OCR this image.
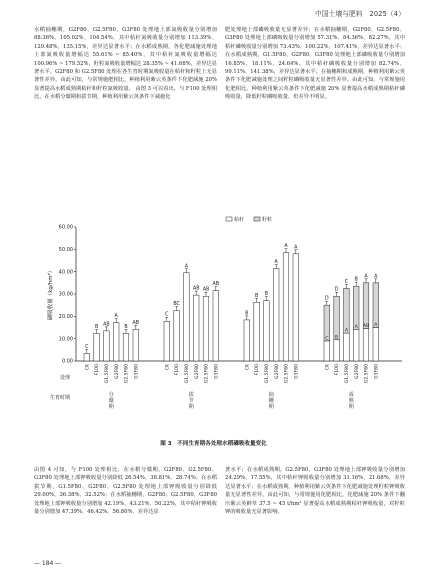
中国土壤与肥料　2025（4）

水稻抽穗期，G2F80、G2.5F80、G3F80 处理地上部氮吸收量分别增加 88.36%、105.02%、104.54%，其中秸秆氮吸收量分别增加 113.39%、129.48%、135.15%，差异达显著水平；在水稻成熟期，各化肥减施处理地上部氮吸收量增幅达 55.61% ~ 85.40%，其中秸秆氮吸收量增幅达 100.96% ~ 179.52%，籽粒氮吸收量增幅达 28.35% ~ 41.68%，差异达显著水平。G2F80 和 G2.5F80 处理在各生育时期氮吸收量在秸秆和籽粒上无显著性差异。由此可知，与常规施肥相比，种植利用紫云英条件下化肥减施 20% 显著提高水稻成熟期秸秆和籽粒氮吸收量。 由图 3 可以看出，与 F100 处理相比，在水稻分蘖期和拔节期，种植利用紫云英条件下减施化

肥处理地上部磷吸收量无显著差异；在水稻抽穗期，G2F80、G2.5F80、G3F80 处理地上部磷吸收量分别增加 57.31%、84.36%、82.27%，其中秸秆磷吸收量分别增加 73.43%、100.22%、107.41%，差异达显著水平；在水稻成熟期，G1.5F80、G2F80、G3F80 处理地上部磷吸收量分别增加 16.85%、18.11%、24.64%，其中秸秆磷吸收量分别增加 82.74%、99.11%、141.38%，差异达显著水平；在抽穗期和成熟期，种植利用紫云英条件下化肥减施处理之间籽粒磷吸收量无显著性差异。由此可知，与常规施用化肥相比，种植利用紫云英条件下化肥减施 20% 显著提高水稻成熟期秸秆磷吸收量，降低籽粒磷吸收量，但差异不明显。

0.00
10.00
20.00
30.00
40.00
50.00
60.00
磷吸收量（kg/hm²）
秸秆	籽粒
C
CK
B
F100
AB
G1.5F80
A
G2F80
B
G2.5F80
AB
G3F80
分
蘖
期
C
CK
BC
F100
A
G1.5F80
AB
G2F80
AB
G2.5F80
AB
G3F80
拔
节
期
B
CK
B
F100
B
G1.5F80
A
G2F80
A
G2.5F80
A
G3F80
抽
穗
期
C
D
CK
B
D
F100
A
C
G1.5F80
A
B
G2F80
AB
A
G2.5F80
A
A
G3F80
成
熟
期
处理
生育时期
图 3　不同生育期各处理水稻磷吸收量变化

由图 4 可知，与 F100 处理相比，在水稻分蘖期，G2F80、G2.5F80、G3F80 处理地上部钾吸收量分别降低 26.54%、38.81%、28.74%；在水稻拔节期，G1.5F80、G2F80、G2.5F80 处理地上部钾吸收量分别降低 29.00%、36.38%、32.52%；在水稻抽穗期，G2F80、G2.5F80、G3F80 处理地上部钾吸收量分别增加 42.19%、43.21%、50.22%，其中秸秆钾吸收量分别增加 47.39%、46.42%、56.80%，差异达显

著水平；在水稻成熟期，G2.5F80、G3F80 处理地上部钾吸收量分别增加 24.29%、17.55%，其中秸秆钾吸收量分别增加 31.16%、21.68%，差异达显著水平；在水稻成熟期，种植利用紫云英条件下化肥减施处理籽粒钾吸收量无显著性差异。由此可知，与常规施用化肥相比，化肥减施 20% 条件下翻压紫云英鲜草 37.5 ~ 45 t/hm² 显著提高水稻成熟期秸秆钾吸收量，对籽粒钾的吸收量无显著影响。

— 184 —
